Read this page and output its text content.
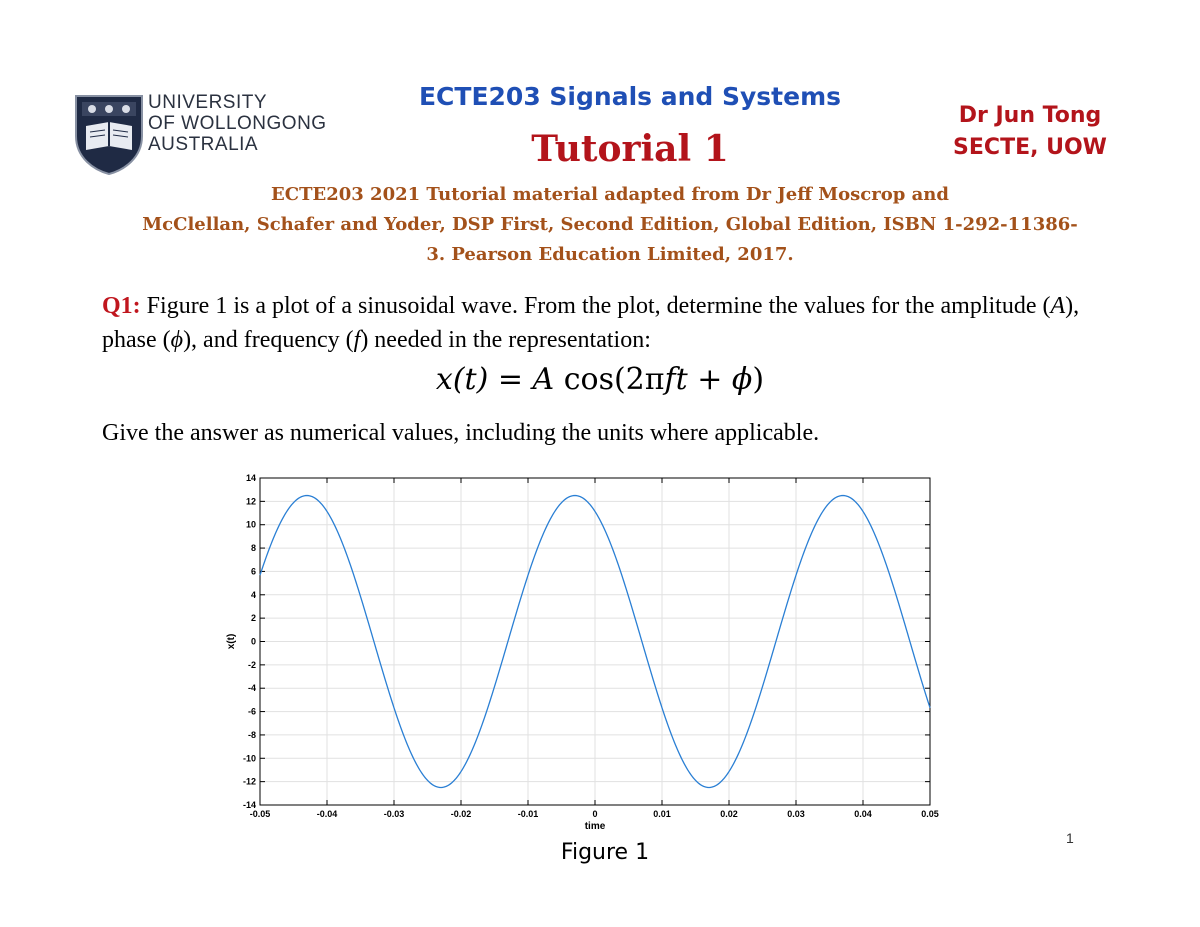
UNIVERSITY
OF WOLLONGONG
AUSTRALIA
ECTE203 Signals and Systems
Tutorial 1
Dr Jun Tong
SECTE, UOW
ECTE203 2021 Tutorial material adapted from Dr Jeff Moscrop and
McClellan, Schafer and Yoder, DSP First, Second Edition, Global Edition, ISBN 1-292-11386-
3. Pearson Education Limited, 2017.
Q1: Figure 1 is a plot of a sinusoidal wave. From the plot, determine the values for the amplitude (A), phase (ϕ), and frequency (f) needed in the representation:
x(t) = A cos(2πft + ϕ)
Give the answer as numerical values, including the units where applicable.
-0.05	-0.04	-0.03	-0.02	-0.01	0	0.01	0.02	0.03	0.04	0.05
14
12
10
8
6
4
2
0
-2
-4
-6
-8
-10
-12
-14
time
x(t)
Figure 1
1
